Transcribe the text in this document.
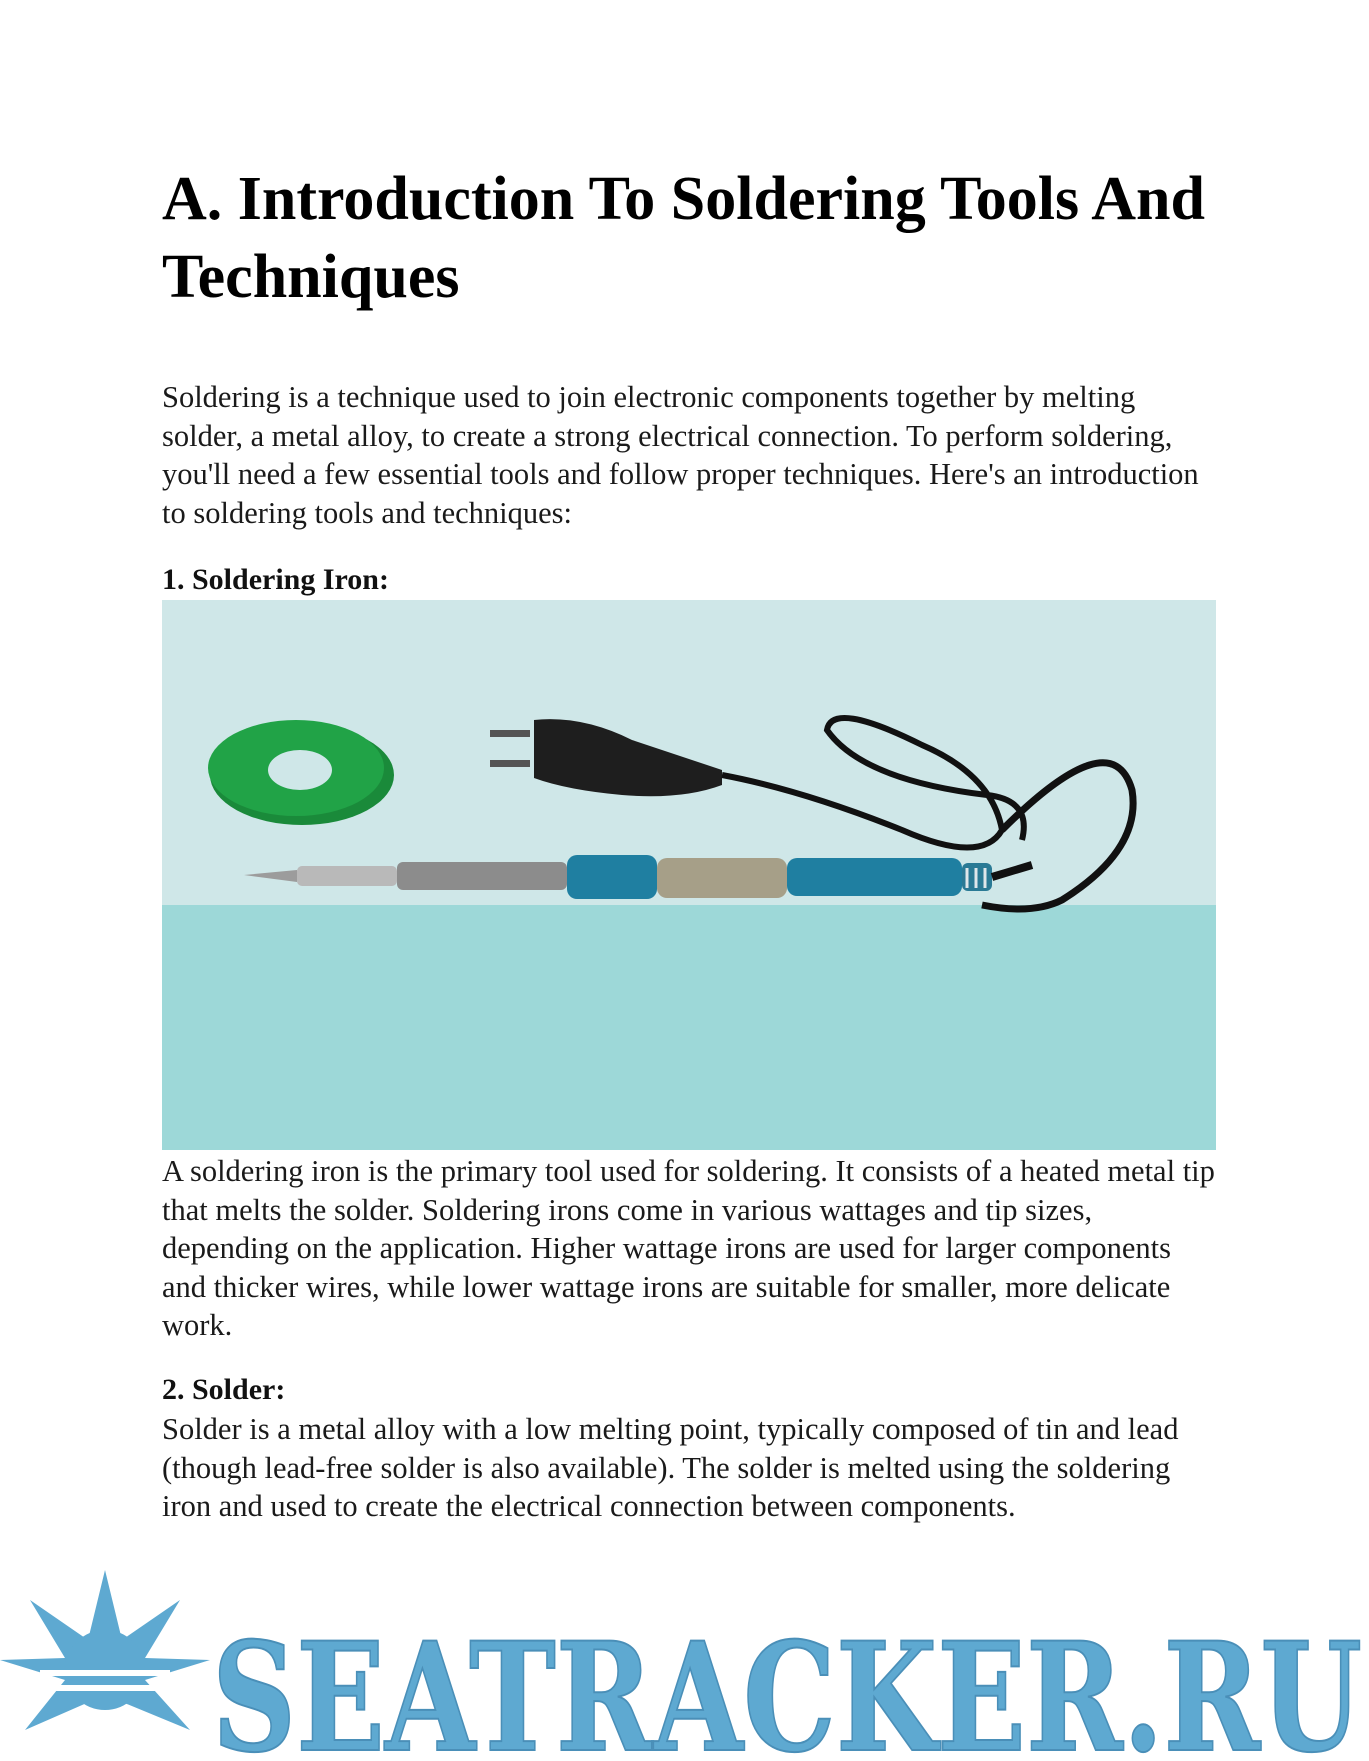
A. Introduction To Soldering Tools And Techniques

Soldering is a technique used to join electronic components together by melting solder, a metal alloy, to create a strong electrical connection. To perform soldering, you'll need a few essential tools and follow proper techniques. Here's an introduction to soldering tools and techniques:

1. Soldering Iron:

A soldering iron is the primary tool used for soldering. It consists of a heated metal tip that melts the solder. Soldering irons come in various wattages and tip sizes, depending on the application. Higher wattage irons are used for larger components and thicker wires, while lower wattage irons are suitable for smaller, more delicate work.

2. Solder:

Solder is a metal alloy with a low melting point, typically composed of tin and lead (though lead-free solder is also available). The solder is melted using the soldering iron and used to create the electrical connection between components.

SEATRACKER.RU
